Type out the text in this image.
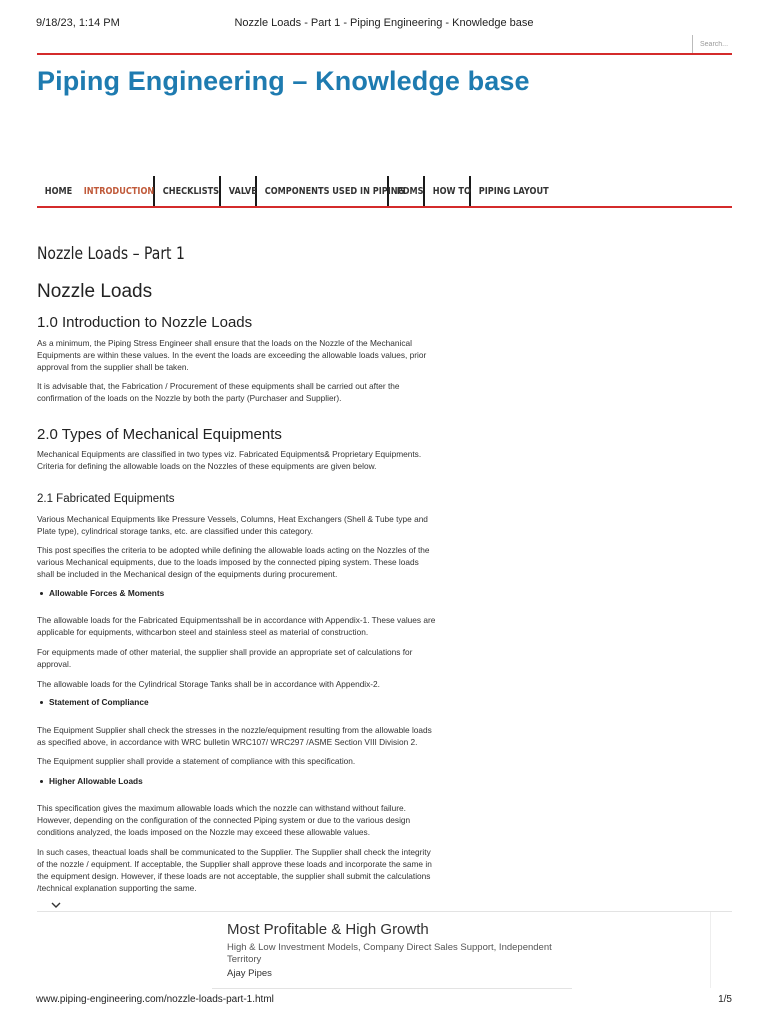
9/18/23, 1:14 PM	Nozzle Loads - Part 1 - Piping Engineering - Knowledge base
Search...
Piping Engineering – Knowledge base
HOME	INTRODUCTION CHECKLISTS	VALVE COMPONENTS USED IN PIPING
PDMS HOW TO PIPING LAYOUT
Nozzle Loads – Part 1
Nozzle Loads
1.0 Introduction to Nozzle Loads

As a minimum, the Piping Stress Engineer shall ensure that the loads on the Nozzle of the Mechanical Equipments are within these values. In the event the loads are exceeding the allowable loads values, prior approval from the supplier shall be taken.

It is advisable that, the Fabrication / Procurement of these equipments shall be carried out after the confirmation of the loads on the Nozzle by both the party (Purchaser and Supplier).

2.0 Types of Mechanical Equipments

Mechanical Equipments are classified in two types viz. Fabricated Equipments& Proprietary Equipments. Criteria for defining the allowable loads on the Nozzles of these equipments are given below.

2.1 Fabricated Equipments

Various Mechanical Equipments like Pressure Vessels, Columns, Heat Exchangers (Shell & Tube type and Plate type), cylindrical storage tanks, etc. are classified under this category.

This post specifies the criteria to be adopted while defining the allowable loads acting on the Nozzles of the various Mechanical equipments, due to the loads imposed by the connected piping system. These loads shall be included in the Mechanical design of the equipments during procurement.

Allowable Forces & Moments

The allowable loads for the Fabricated Equipmentsshall be in accordance with Appendix-1. These values are applicable for equipments, withcarbon steel and stainless steel as material of construction.

For equipments made of other material, the supplier shall provide an appropriate set of calculations for approval.

The allowable loads for the Cylindrical Storage Tanks shall be in accordance with Appendix-2.

Statement of Compliance

The Equipment Supplier shall check the stresses in the nozzle/equipment resulting from the allowable loads as specified above, in accordance with WRC bulletin WRC107/ WRC297 /ASME Section VIII Division 2.

The Equipment supplier shall provide a statement of compliance with this specification.

Higher Allowable Loads

This specification gives the maximum allowable loads which the nozzle can withstand without failure. However, depending on the configuration of the connected Piping system or due to the various design conditions analyzed, the loads imposed on the Nozzle may exceed these allowable values.

In such cases, theactual loads shall be communicated to the Supplier. The Supplier shall check the integrity of the nozzle / equipment. If acceptable, the Supplier shall approve these loads and incorporate the same in the equipment design. However, if these loads are not acceptable, the supplier shall submit the calculations /technical explanation supporting the same.

Most Profitable & High Growth
High & Low Investment Models, Company Direct Sales Support, Independent Territory
Ajay Pipes
www.piping-engineering.com/nozzle-loads-part-1.html	1/5
